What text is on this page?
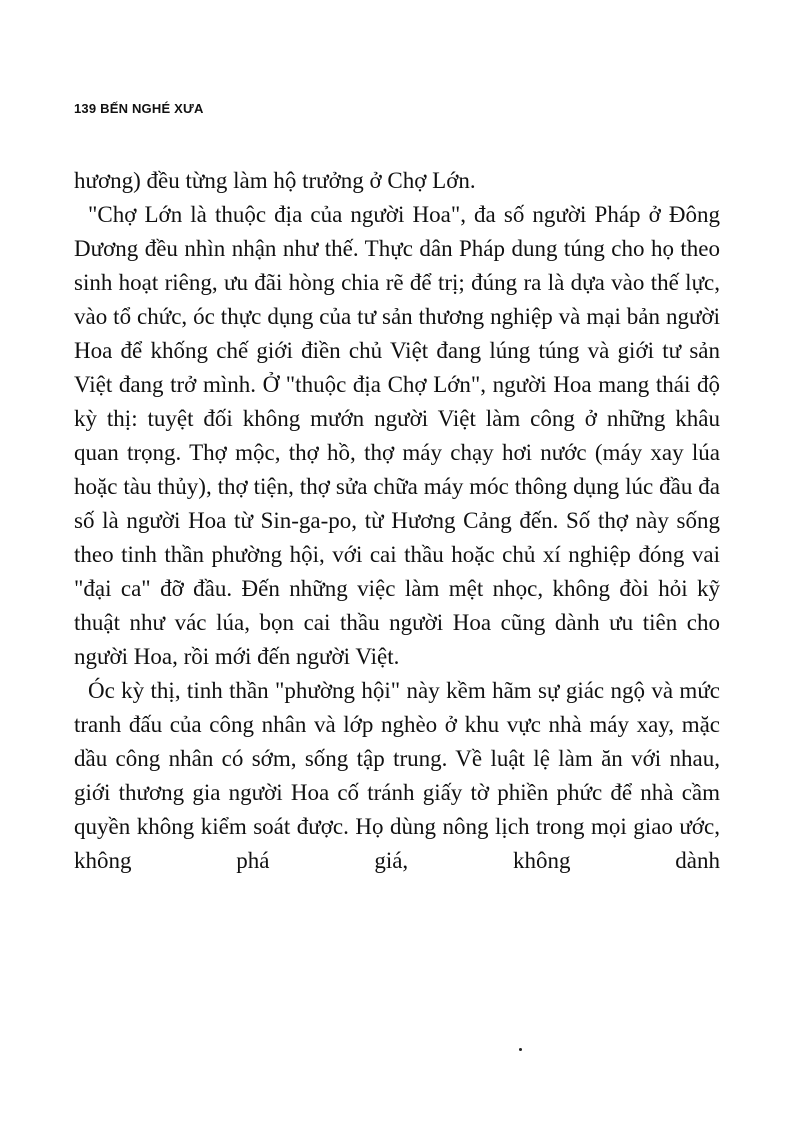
139 BẾN NGHÉ XƯA

hương) đều từng làm hộ trưởng ở Chợ Lớn.

"Chợ Lớn là thuộc địa của người Hoa", đa số người Pháp ở Đông Dương đều nhìn nhận như thế. Thực dân Pháp dung túng cho họ theo sinh hoạt riêng, ưu đãi hòng chia rẽ để trị; đúng ra là dựa vào thế lực, vào tổ chức, óc thực dụng của tư sản thương nghiệp và mại bản người Hoa để khống chế giới điền chủ Việt đang lúng túng và giới tư sản Việt đang trở mình. Ở "thuộc địa Chợ Lớn", người Hoa mang thái độ kỳ thị: tuyệt đối không mướn người Việt làm công ở những khâu quan trọng. Thợ mộc, thợ hồ, thợ máy chạy hơi nước (máy xay lúa hoặc tàu thủy), thợ tiện, thợ sửa chữa máy móc thông dụng lúc đầu đa số là người Hoa từ Sin-ga-po, từ Hương Cảng đến. Số thợ này sống theo tinh thần phường hội, với cai thầu hoặc chủ xí nghiệp đóng vai "đại ca" đỡ đầu. Đến những việc làm mệt nhọc, không đòi hỏi kỹ thuật như vác lúa, bọn cai thầu người Hoa cũng dành ưu tiên cho người Hoa, rồi mới đến người Việt.

Óc kỳ thị, tinh thần "phường hội" này kềm hãm sự giác ngộ và mức tranh đấu của công nhân và lớp nghèo ở khu vực nhà máy xay, mặc dầu công nhân có sớm, sống tập trung. Về luật lệ làm ăn với nhau, giới thương gia người Hoa cố tránh giấy tờ phiền phức để nhà cầm quyền không kiểm soát được. Họ dùng nông lịch trong mọi giao ước, không phá giá, không dành
